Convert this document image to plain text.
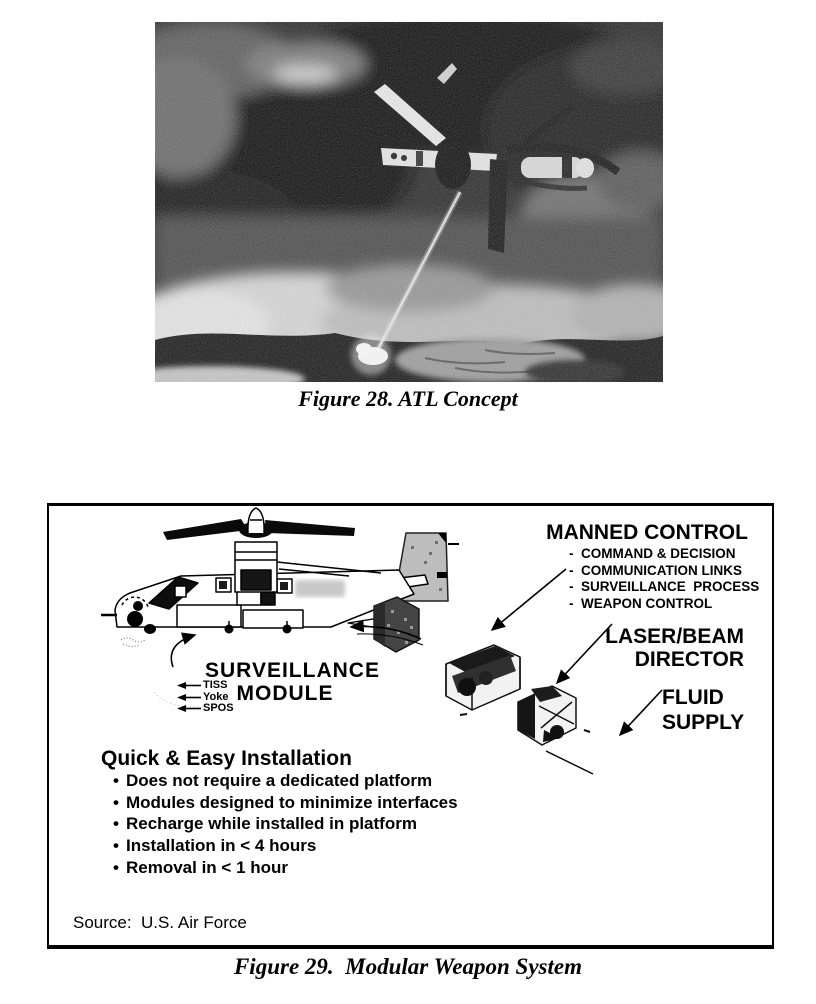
Figure 28. ATL Concept
MANNED CONTROL
- COMMAND & DECISION
- COMMUNICATION LINKS
- SURVEILLANCE  PROCESS
- WEAPON CONTROL
LASER/BEAM
DIRECTOR
FLUID
SUPPLY
SURVEILLANCE
MODULE
TISS
Yoke
SPOS
Quick & Easy Installation
• Does not require a dedicated platform
• Modules designed to minimize interfaces
• Recharge while installed in platform
• Installation in < 4 hours
• Removal in < 1 hour
Source:  U.S. Air Force
Figure 29.  Modular Weapon System
